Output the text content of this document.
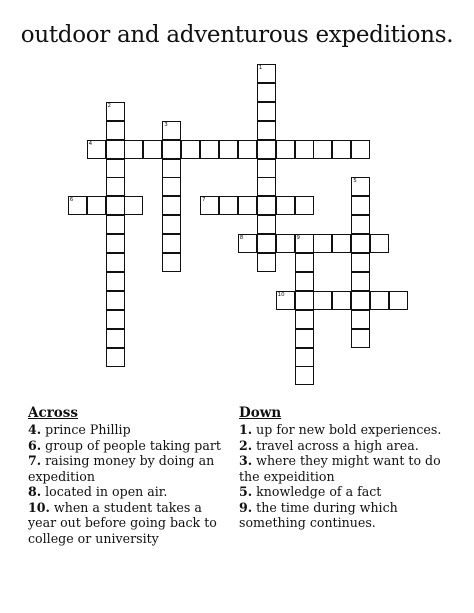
outdoor and adventurous expeditions.
1
2
3
4
5
6	7
8	9
10
Across

4. prince Phillip

6. group of people taking part

7. raising money by doing an expedition

8. located in open air.

10. when a student takes a year out before going back to college or university

Down

1. up for new bold experiences.

2. travel across a high area.

3. where they might want to do the expeidition

5. knowledge of a fact

9. the time during which something continues.
